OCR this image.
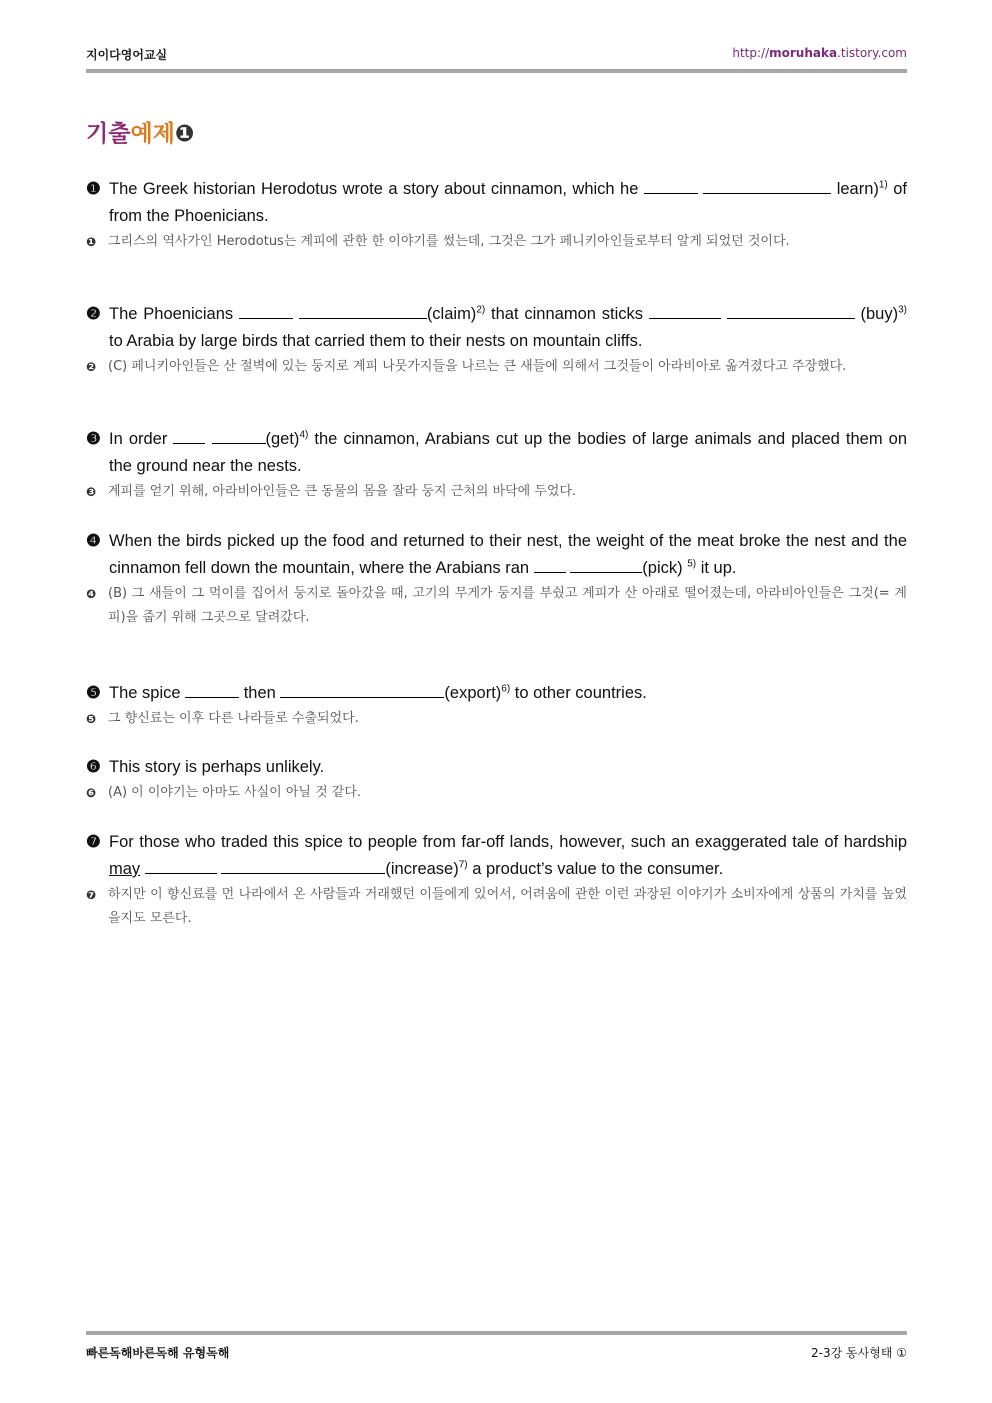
지이다영어교실	http://moruhaka.tistory.com
기출예제❶
❶ The Greek historian Herodotus wrote a story about cinnamon, which he	learn)$^{1)}$ of from the Phoenicians.
❶ 그리스의 역사가인 Herodotus는 계피에 관한 한 이야기를 썼는데, 그것은 그가 페니키아인들로부터 알게 되었던 것이다.
❷ The Phoenicians	(claim)$^{2)}$ that cinnamon sticks	(buy)$^{3)}$ to Arabia by large birds that carried them to their nests on mountain cliffs.
❷ (C) 페니키아인들은 산 절벽에 있는 둥지로 계피 나뭇가지들을 나르는 큰 새들에 의해서 그것들이 아라비아로 옮겨졌다고 주장했다.
❸ In order	(get)$^{4)}$ the cinnamon, Arabians cut up the bodies of large animals and placed them on the ground near the nests.
❸ 계피를 얻기 위해, 아라비아인들은 큰 동물의 몸을 잘라 둥지 근처의 바닥에 두었다.
❹ When the birds picked up the food and returned to their nest, the weight of the meat broke the nest and the cinnamon fell down the mountain, where the Arabians ran	(pick) $^{5)}$ it up.
❹ (B) 그 새들이 그 먹이를 집어서 둥지로 돌아갔을 때, 고기의 무게가 둥지를 부쉈고 계피가 산 아래로 떨어졌는데, 아라비아인들은 그것(= 계피)을 줍기 위해 그곳으로 달려갔다.
❺ The spice	then	(export)$^{6)}$ to other countries.
❺ 그 향신료는 이후 다른 나라들로 수출되었다.
❻ This story is perhaps unlikely.
❻ (A) 이 이야기는 아마도 사실이 아닐 것 같다.
❼ For those who traded this spice to people from far-off lands, however, such an exaggerated tale of hardship may	(increase)$^{7)}$ a product’s value to the consumer.
❼ 하지만 이 향신료를 먼 나라에서 온 사람들과 거래했던 이들에게 있어서, 어려움에 관한 이런 과장된 이야기가 소비자에게 상품의 가치를 높였을지도 모른다.
빠른독해바른독해 유형독해	2-3강 동사형태 ①
